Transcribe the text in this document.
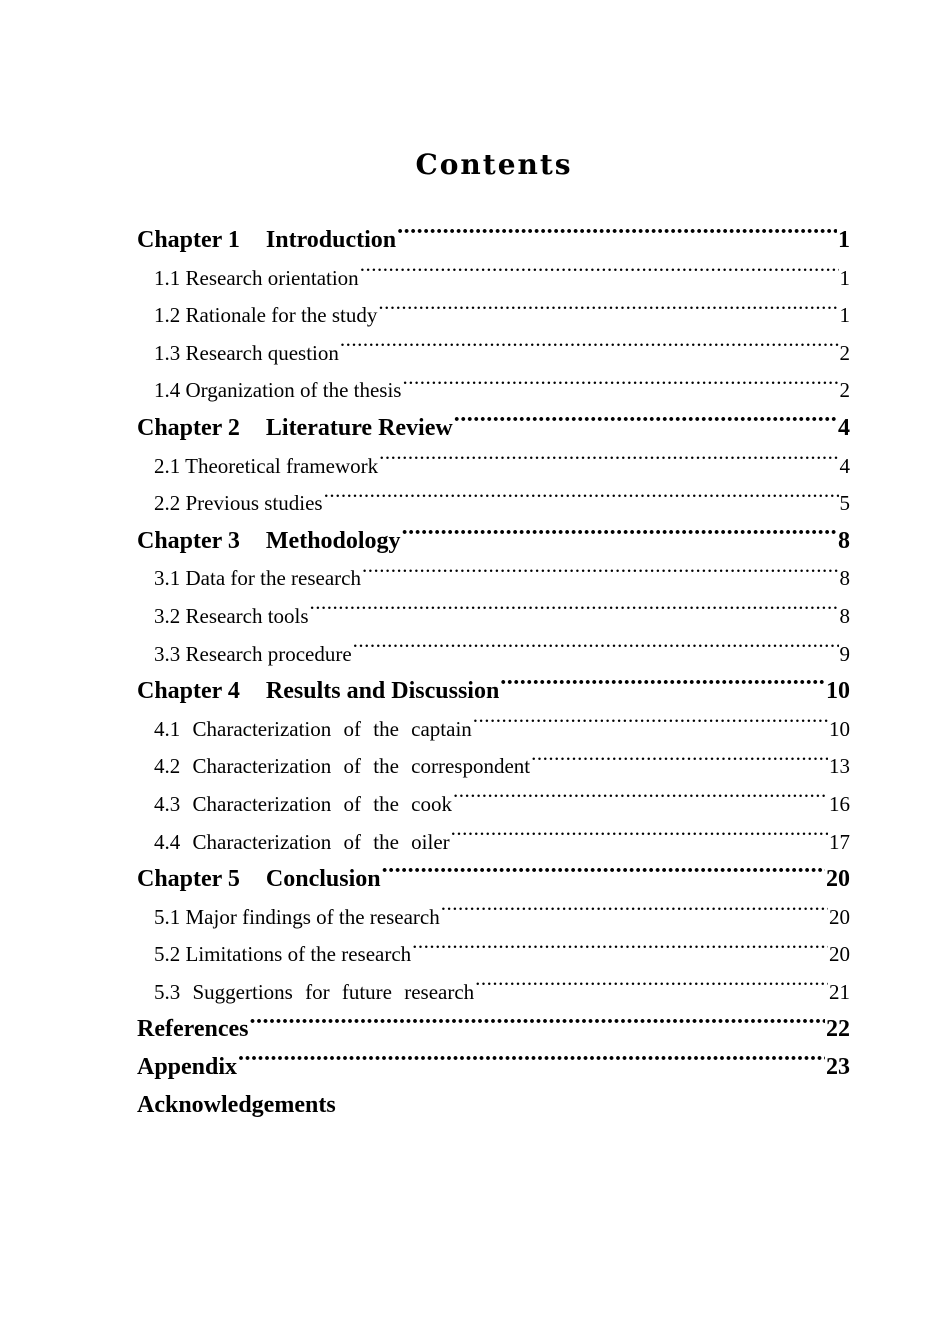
Contents
Chapter 1 Introduction .....	1
1.1 Research orientation .....	1
1.2 Rationale for the study .....	1
1.3 Research question .....	2
1.4 Organization of the thesis .....	2
Chapter 2 Literature Review .....	4
2.1 Theoretical framework .....	4
2.2 Previous studies .....	5
Chapter 3 Methodology .....	8
3.1 Data for the research .....	8
3.2 Research tools .....	8
3.3 Research procedure .....	9
Chapter 4 Results and Discussion .....	10
4.1 Characterization of the captain .....	10
4.2 Characterization of the correspondent .....	13
4.3 Characterization of the cook .....	16
4.4 Characterization of the oiler .....	17
Chapter 5 Conclusion .....	20
5.1 Major findings of the research .....	20
5.2 Limitations of the research .....	20
5.3 Suggertions for future research .....	21
References .....	22
Appendix .....	23
Acknowledgements
